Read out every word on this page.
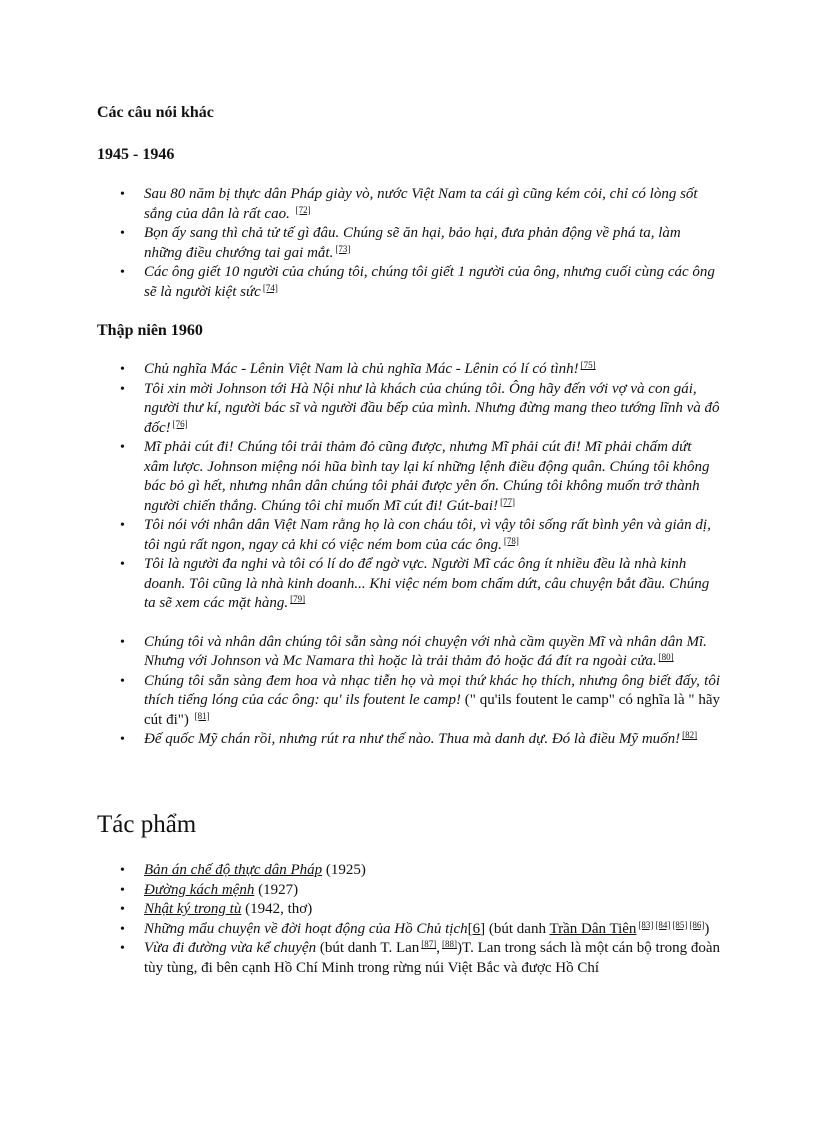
Các câu nói khác
1945 - 1946
• Sau 80 năm bị thực dân Pháp giày vò, nước Việt Nam ta cái gì cũng kém cỏi, chỉ có lòng sốt sắng của dân là rất cao. [72]
• Bọn ấy sang thì chả tử tế gì đâu. Chúng sẽ ăn hại, bảo hại, đưa phản động về phá ta, làm những điều chướng tai gai mắt. [73]
• Các ông giết 10 người của chúng tôi, chúng tôi giết 1 người của ông, nhưng cuối cùng các ông sẽ là người kiệt sức [74]
Thập niên 1960
• Chủ nghĩa Mác - Lênin Việt Nam là chủ nghĩa Mác - Lênin có lí có tình! [75]
• Tôi xin mời Johnson tới Hà Nội như là khách của chúng tôi. Ông hãy đến với vợ và con gái, người thư kí, người bác sĩ và người đầu bếp của mình. Nhưng đừng mang theo tướng lĩnh và đô đốc! [76]
• Mĩ phải cút đi! Chúng tôi trải thảm đỏ cũng được, nhưng Mĩ phải cút đi! Mĩ phải chấm dứt xâm lược. Johnson miệng nói hũa bình tay lại kí những lệnh điều động quân. Chúng tôi không bác bỏ gì hết, nhưng nhân dân chúng tôi phải được yên ổn. Chúng tôi không muốn trở thành người chiến thắng. Chúng tôi chỉ muốn Mĩ cút đi! Gút-bai! [77]
• Tôi nói với nhân dân Việt Nam rằng họ là con cháu tôi, vì vậy tôi sống rất bình yên và giản dị, tôi ngủ rất ngon, ngay cả khi có việc ném bom của các ông. [78]
• Tôi là người đa nghi và tôi có lí do để ngờ vực. Người Mĩ các ông ít nhiều đều là nhà kinh doanh. Tôi cũng là nhà kinh doanh... Khi việc ném bom chấm dứt, câu chuyện bắt đầu. Chúng ta sẽ xem các mặt hàng. [79]
• Chúng tôi và nhân dân chúng tôi sẵn sàng nói chuyện với nhà cầm quyền Mĩ và nhân dân Mĩ. Nhưng với Johnson và Mc Namara thì hoặc là trải thảm đỏ hoặc đá đít ra ngoài cửa. [80]
• Chúng tôi sẵn sàng đem hoa và nhạc tiễn họ và mọi thứ khác họ thích, nhưng ông biết đấy, tôi thích tiếng lóng của các ông: qu' ils foutent le camp! (" qu'ils foutent le camp" có nghĩa là " hãy cút đi") [81]
• Đế quốc Mỹ chán rồi, nhưng rút ra như thế nào. Thua mà danh dự. Đó là điều Mỹ muốn! [82]
Tác phẩm
• Bản án chế độ thực dân Pháp (1925)
• Đường kách mệnh (1927)
• Nhật ký trong tù (1942, thơ)
• Những mẩu chuyện về đời hoạt động của Hồ Chủ tịch[6] (bút danh Trần Dân Tiên [83] [84] [85] [86])
• Vừa đi đường vừa kể chuyện (bút danh T. Lan [87], [88])T. Lan trong sách là một cán bộ trong đoàn tùy tùng, đi bên cạnh Hồ Chí Minh trong rừng núi Việt Bắc và được Hồ Chí
